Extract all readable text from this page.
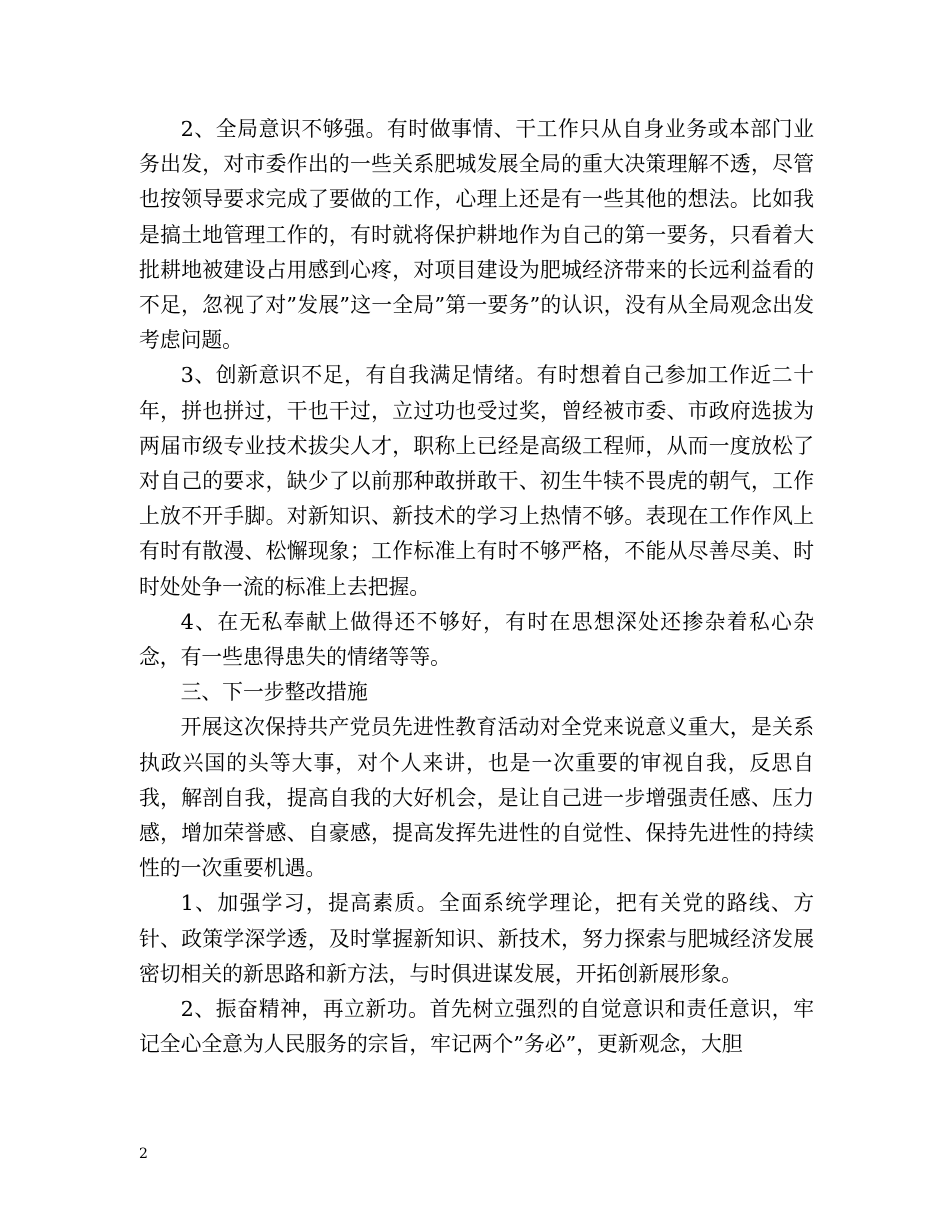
2、全局意识不够强。有时做事情、干工作只从自身业务或本部门业务出发，对市委作出的一些关系肥城发展全局的重大决策理解不透，尽管也按领导要求完成了要做的工作，心理上还是有一些其他的想法。比如我是搞土地管理工作的，有时就将保护耕地作为自己的第一要务，只看着大批耕地被建设占用感到心疼，对项目建设为肥城经济带来的长远利益看的不足，忽视了对”发展”这一全局”第一要务”的认识，没有从全局观念出发考虑问题。

3、创新意识不足，有自我满足情绪。有时想着自己参加工作近二十年，拼也拼过，干也干过，立过功也受过奖，曾经被市委、市政府选拔为两届市级专业技术拔尖人才，职称上已经是高级工程师，从而一度放松了对自己的要求，缺少了以前那种敢拼敢干、初生牛犊不畏虎的朝气，工作上放不开手脚。对新知识、新技术的学习上热情不够。表现在工作作风上有时有散漫、松懈现象；工作标准上有时不够严格，不能从尽善尽美、时时处处争一流的标准上去把握。

4、在无私奉献上做得还不够好，有时在思想深处还掺杂着私心杂念，有一些患得患失的情绪等等。

三、下一步整改措施

开展这次保持共产党员先进性教育活动对全党来说意义重大，是关系执政兴国的头等大事，对个人来讲，也是一次重要的审视自我，反思自我，解剖自我，提高自我的大好机会，是让自己进一步增强责任感、压力感，增加荣誉感、自豪感，提高发挥先进性的自觉性、保持先进性的持续性的一次重要机遇。

1、加强学习，提高素质。全面系统学理论，把有关党的路线、方针、政策学深学透，及时掌握新知识、新技术，努力探索与肥城经济发展密切相关的新思路和新方法，与时俱进谋发展，开拓创新展形象。

2、振奋精神，再立新功。首先树立强烈的自觉意识和责任意识，牢记全心全意为人民服务的宗旨，牢记两个”务必”，更新观念，大胆

2
